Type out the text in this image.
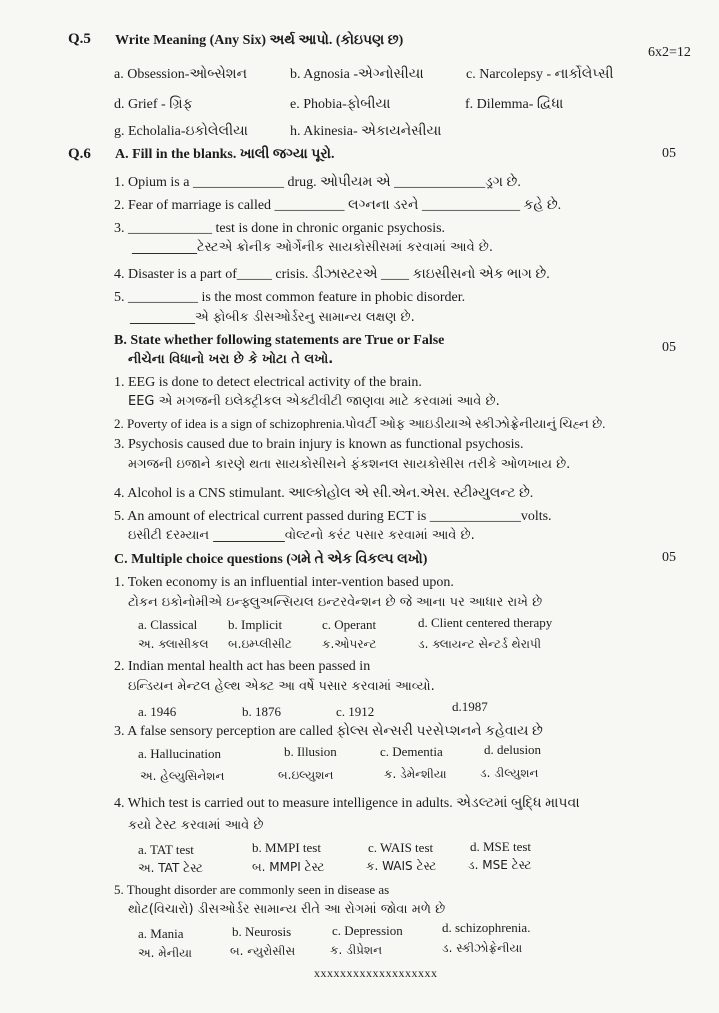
Q.5 Write Meaning (Any Six) અર્થ આપો. (કોઇપણ છ)
6x2=12
a. Obsession-ઓબ્સેશન	b. Agnosia -એગ્નોસીયા	c. Narcolepsy - નાર્કોલેપ્સી
d. Grief - ગ્રિફ	e. Phobia-ફોબીયા	f. Dilemma- દ્વિધા
g. Echolalia-ઇકોલેલીયા	h. Akinesia- એકાયનેસીયા
Q.6 A. Fill in the blanks. ખાલી જગ્યા પૂરો.	05
1. Opium is a _____________ drug. ઓપીયમ એ _____________ડ્રગ છે.
2. Fear of marriage is called __________ લગ્નના ડરને ______________ કહે છે.
3. ____________ test is done in chronic organic psychosis.
__________ટેસ્ટએ ક્રોનીક ઓર્ગેનીક સાયકોસીસમાં કરવામાં આવે છે.
4. Disaster is a part of_____ crisis. ડીઝાસ્ટરએ ____ કાઇસીસનો એક ભાગ છે.
5. __________ is the most common feature in phobic disorder.
__________એ ફોબીક ડીસઓર્ડરનુ સામાન્ય લક્ષણ છે.
B. State whether following statements are True or False	05
નીચેના વિધાનો ખરા છે કે ખોટા તે લખો.
1. EEG is done to detect electrical activity of the brain.
EEG એ મગજની ઇલેક્ટ્રીકલ એક્ટીવીટી જાણવા માટે કરવામાં આવે છે.
2. Poverty of idea is a sign of schizophrenia.પોવર્ટી ઓફ આઇડીયાએ સ્કીઝોફ્રેનીયાનું ચિહ્ન છે.
3. Psychosis caused due to brain injury is known as functional psychosis.
મગજની ઇજાને કારણે થતા સાયકોસીસને ફંકશનલ સાયકોસીસ તરીકે ઓળખાય છે.
4. Alcohol is a CNS stimulant. આલ્કોહોલ એ સી.એન.એસ. સ્ટીમ્યુલન્ટ છે.
5. An amount of electrical current passed during ECT is _____________volts.
ઇસીટી દરમ્યાન ___________વોલ્ટનો કરંટ પસાર કરવામાં આવે છે.
C. Multiple choice questions (ગમે તે એક વિકલ્પ લખો)	05
1. Token economy is an influential inter-vention based upon.
ટોકન ઇકોનોમીએ ઇન્ફ્લુઅન્સિયલ ઇન્ટરવેન્શન છે જે આના પર આધાર રાખે છે
a. Classical b. Implicit	c. Operant	d. Client centered therapy
અ. ક્લાસીકલ બ.ઇમ્પ્લીસીટ	ક.ઓપરન્ટ	ડ. ક્લાયન્ટ સેન્ટર્ડ થેરાપી
2. Indian mental health act has been passed in
ઇન્ડિયન મેન્ટલ હેલ્થ એક્ટ આ વર્ષે પસાર કરવામાં આવ્યો.
a. 1946	b. 1876	c. 1912	d.1987
3. A false sensory perception are called ફોલ્સ સેન્સરી પરસેપ્શનને કહેવાય છે
a. Hallucination	b. Illusion	c. Dementia	d. delusion
અ. હેલ્યુસિનેશન	બ.ઇલ્યુશન	ક. ડેમેન્શીયા	ડ. ડીલ્યુશન
4. Which test is carried out to measure intelligence in adults. એડલ્ટમાં બુદ્ધિ માપવા
કયો ટેસ્ટ કરવામાં આવે છે
a. TAT test	b. MMPI test	c. WAIS test	d. MSE test
અ. TAT ટેસ્ટ	બ. MMPI ટેસ્ટ	ક. WAIS ટેસ્ટ	ડ. MSE ટેસ્ટ
5. Thought disorder are commonly seen in disease as
થોટ(વિચારો) ડીસઓર્ડર સામાન્ય રીતે આ રોગમાં જોવા મળે છે
a. Mania	b. Neurosis	c. Depression	d. schizophrenia.
અ. મેનીયા	બ. ન્યુરોસીસ	ક. ડીપ્રેશન	ડ. સ્કીઝોફ્રેનીયા
xxxxxxxxxxxxxxxxxxx
